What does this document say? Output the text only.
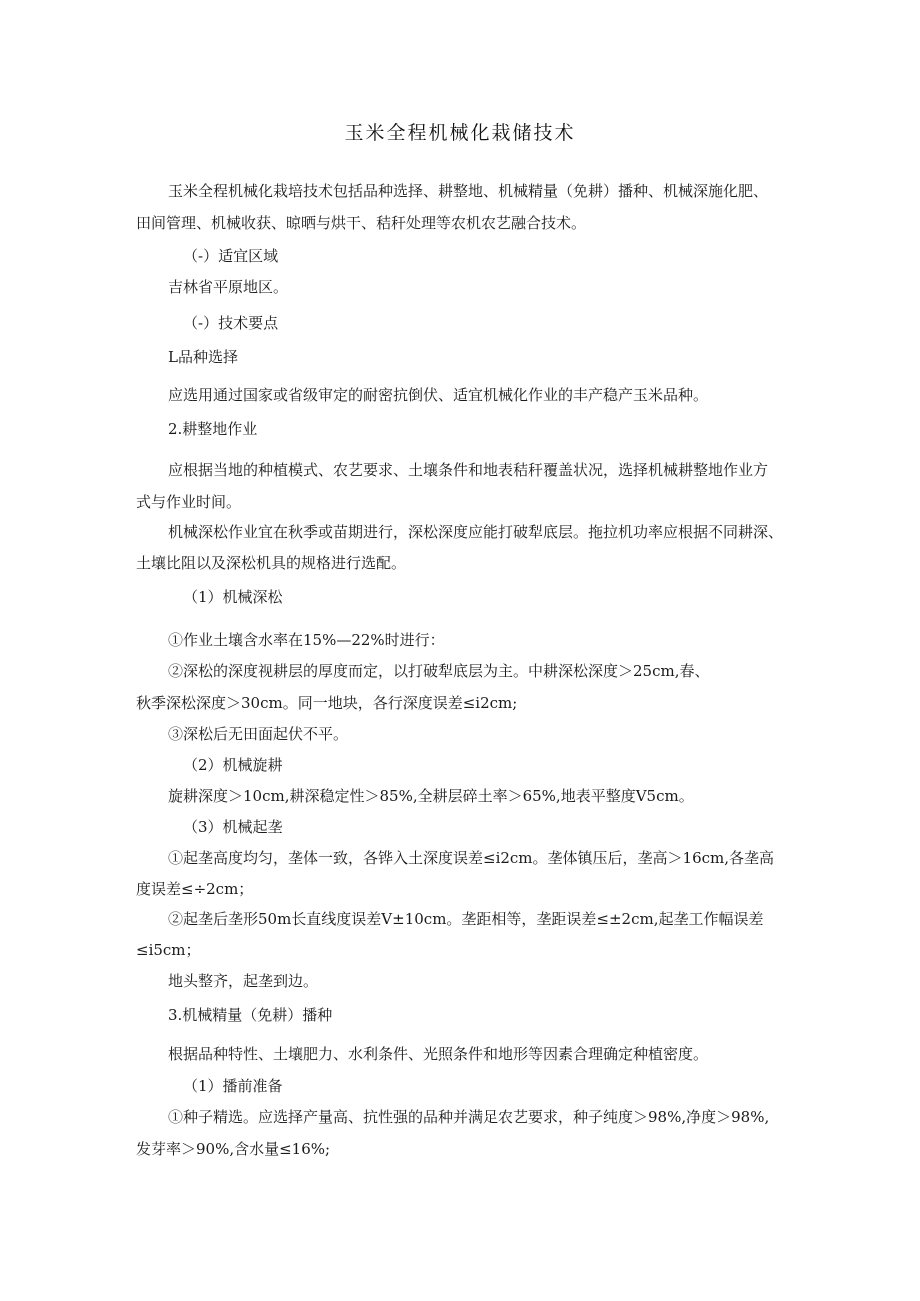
玉米全程机械化栽储技术
玉米全程机械化栽培技术包括品种选择、耕整地、机械精量（免耕）播种、机械深施化肥、
田间管理、机械收获、晾晒与烘干、秸秆处理等农机农艺融合技术。
（-）适宜区域
吉林省平原地区。
（-）技术要点
L品种选择
应选用通过国家或省级审定的耐密抗倒伏、适宜机械化作业的丰产稳产玉米品种。
2.耕整地作业
应根据当地的种植模式、农艺要求、土壤条件和地表秸秆覆盖状况，选择机械耕整地作业方
式与作业时间。
机械深松作业宜在秋季或苗期进行，深松深度应能打破犁底层。拖拉机功率应根据不同耕深、
土壤比阻以及深松机具的规格进行选配。
（1）机械深松
①作业土壤含水率在15%—22%时进行：
②深松的深度视耕层的厚度而定，以打破犁底层为主。中耕深松深度＞25cm,春、
秋季深松深度＞30cm。同一地块，各行深度误差≤i2cm;
③深松后无田面起伏不平。
（2）机械旋耕
旋耕深度＞10cm,耕深稳定性＞85%,全耕层碎土率＞65%,地表平整度V5cm。
（3）机械起垄
①起垄高度均匀，垄体一致，各铧入土深度误差≤i2cm。垄体镇压后，垄高＞16cm,各垄高
度误差≤÷2cm；
②起垄后垄形50m长直线度误差V±10cm。垄距相等，垄距误差≤±2cm,起垄工作幅误差
≤i5cm；
地头整齐，起垄到边。
3.机械精量（免耕）播种
根据品种特性、土壤肥力、水利条件、光照条件和地形等因素合理确定种植密度。
（1）播前准备
①种子精选。应选择产量高、抗性强的品种并满足农艺要求，种子纯度＞98%,净度＞98%,
发芽率＞90%,含水量≤16%;
